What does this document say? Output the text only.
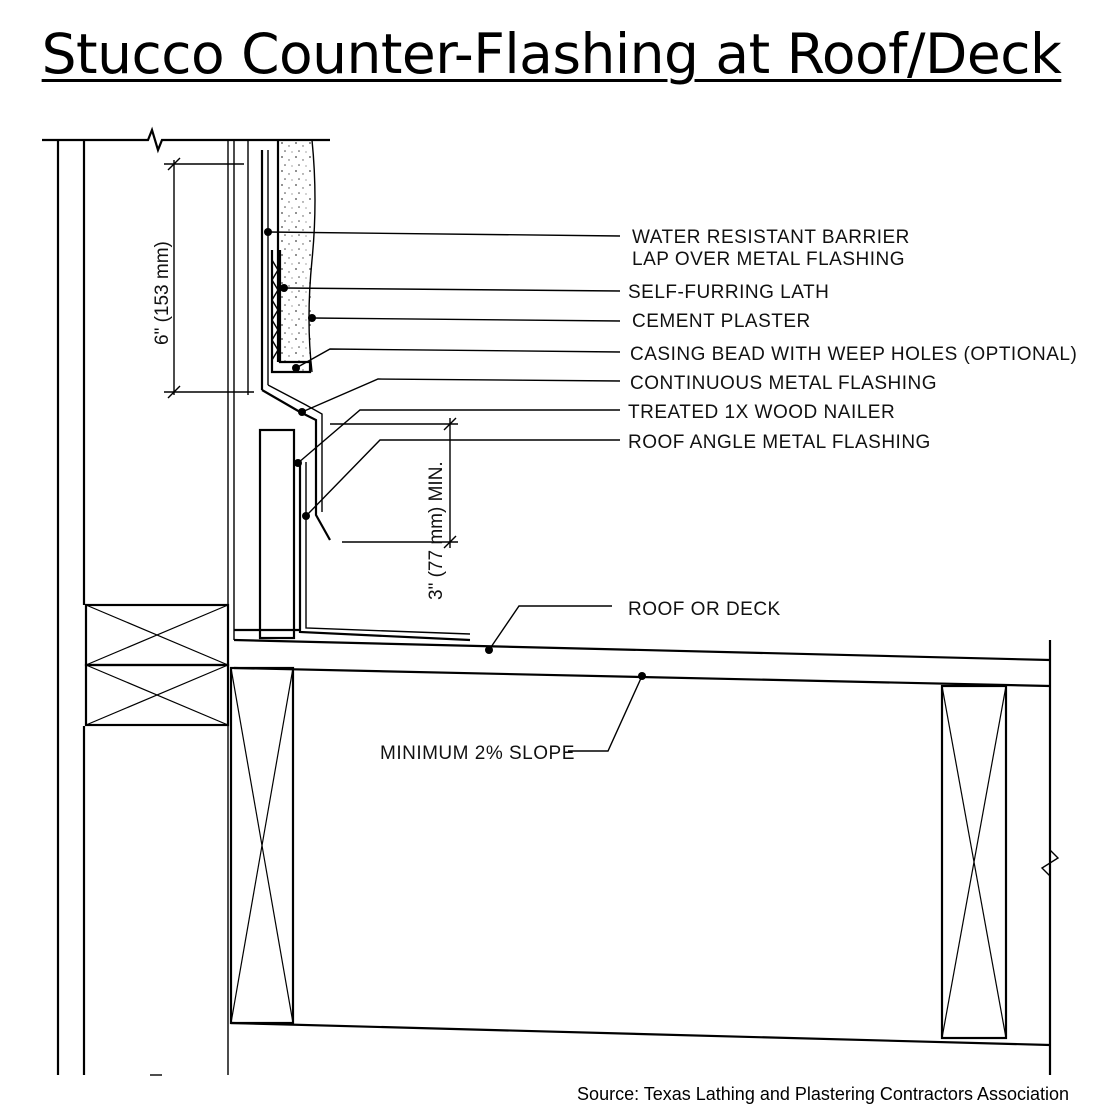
Stucco Counter-Flashing at Roof/Deck
6" (153 mm)
3" (77 mm) MIN.
WATER RESISTANT BARRIER
LAP OVER METAL FLASHING
SELF-FURRING LATH
CEMENT PLASTER
CASING BEAD WITH WEEP HOLES (OPTIONAL)
CONTINUOUS METAL FLASHING
TREATED 1X WOOD NAILER
ROOF ANGLE METAL FLASHING
ROOF OR DECK
MINIMUM 2% SLOPE
Source: Texas Lathing and Plastering Contractors Association
